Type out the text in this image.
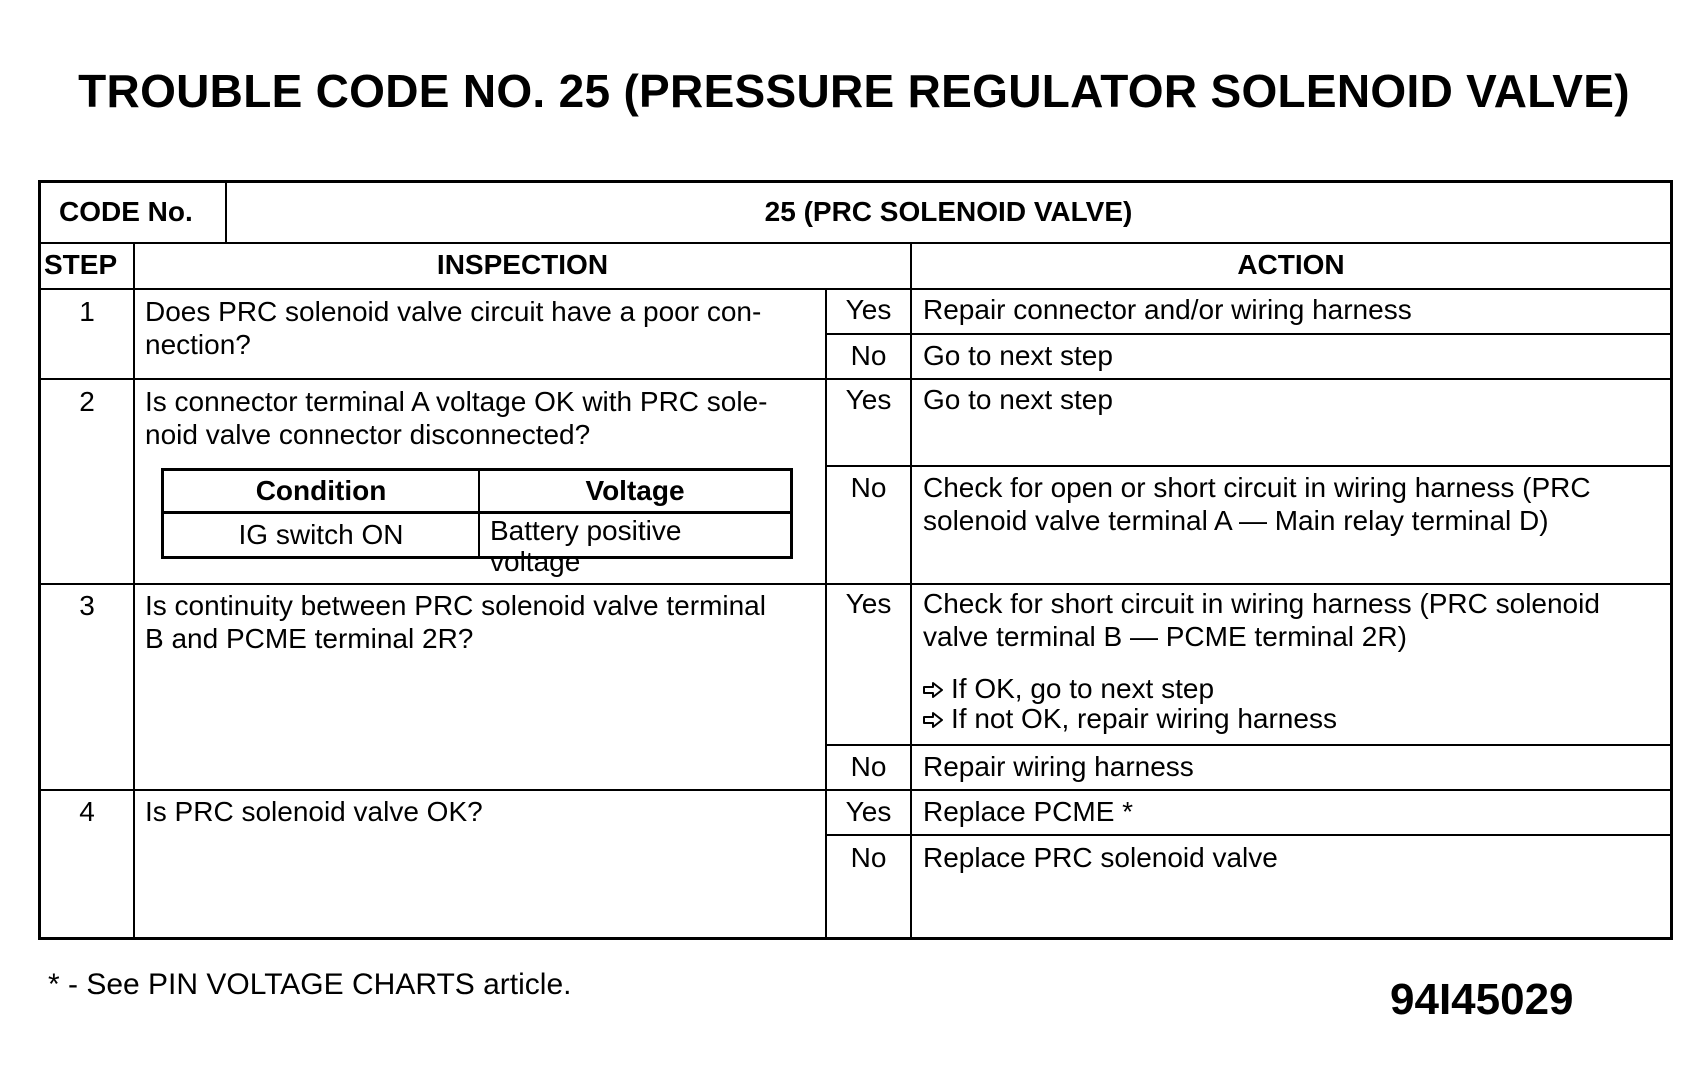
TROUBLE CODE NO. 25 (PRESSURE REGULATOR SOLENOID VALVE)
CODE No.	25 (PRC SOLENOID VALVE)
STEP	INSPECTION	ACTION
1	Does PRC solenoid valve circuit have a poor con-
nection?
Yes	Repair connector and/or wiring harness
No	Go to next step
2	Is connector terminal A voltage OK with PRC sole-
noid valve connector disconnected?
Condition	Voltage
IG switch ON	Battery positive
voltage
Yes	Go to next step
No	Check for open or short circuit in wiring harness (PRC
solenoid valve terminal A — Main relay terminal D)
3	Is continuity between PRC solenoid valve terminal
B and PCME terminal 2R?
Yes	Check for short circuit in wiring harness (PRC solenoid
valve terminal B — PCME terminal 2R)
If OK, go to next step
If not OK, repair wiring harness
No	Repair wiring harness
4	Is PRC solenoid valve OK?	Yes	Replace PCME *
No	Replace PRC solenoid valve
* - See PIN VOLTAGE CHARTS article.	94I45029
